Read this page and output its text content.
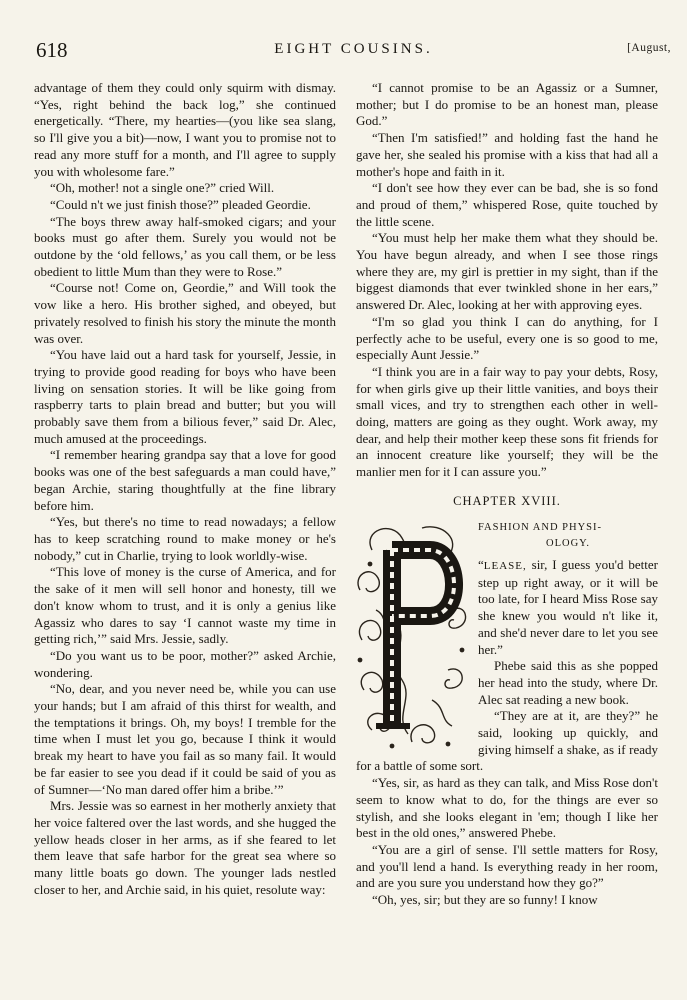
618	EIGHT COUSINS.	[August,

advantage of them they could only squirm with dismay. “Yes, right behind the back log,” she continued energetically. “There, my hearties—(you like sea slang, so I'll give you a bit)—now, I want you to promise not to read any more stuff for a month, and I'll agree to supply you with wholesome fare.”

“Oh, mother! not a single one?” cried Will.

“Could n't we just finish those?” pleaded Geordie.

“The boys threw away half-smoked cigars; and your books must go after them. Surely you would not be outdone by the ‘old fellows,’ as you call them, or be less obedient to little Mum than they were to Rose.”

“Course not! Come on, Geordie,” and Will took the vow like a hero. His brother sighed, and obeyed, but privately resolved to finish his story the minute the month was over.

“You have laid out a hard task for yourself, Jessie, in trying to provide good reading for boys who have been living on sensation stories. It will be like going from raspberry tarts to plain bread and butter; but you will probably save them from a bilious fever,” said Dr. Alec, much amused at the proceedings.

“I remember hearing grandpa say that a love for good books was one of the best safeguards a man could have,” began Archie, staring thoughtfully at the fine library before him.

“Yes, but there's no time to read nowadays; a fellow has to keep scratching round to make money or he's nobody,” cut in Charlie, trying to look worldly-wise.

“This love of money is the curse of America, and for the sake of it men will sell honor and honesty, till we don't know whom to trust, and it is only a genius like Agassiz who dares to say ‘I cannot waste my time in getting rich,’” said Mrs. Jessie, sadly.

“Do you want us to be poor, mother?” asked Archie, wondering.

“No, dear, and you never need be, while you can use your hands; but I am afraid of this thirst for wealth, and the temptations it brings. Oh, my boys! I tremble for the time when I must let you go, because I think it would break my heart to have you fail as so many fail. It would be far easier to see you dead if it could be said of you as of Sumner—‘No man dared offer him a bribe.’”

Mrs. Jessie was so earnest in her motherly anxiety that her voice faltered over the last words, and she hugged the yellow heads closer in her arms, as if she feared to let them leave that safe harbor for the great sea where so many little boats go down. The younger lads nestled closer to her, and Archie said, in his quiet, resolute way:

“I cannot promise to be an Agassiz or a Sumner, mother; but I do promise to be an honest man, please God.”

“Then I'm satisfied!” and holding fast the hand he gave her, she sealed his promise with a kiss that had all a mother's hope and faith in it.

“I don't see how they ever can be bad, she is so fond and proud of them,” whispered Rose, quite touched by the little scene.

“You must help her make them what they should be. You have begun already, and when I see those rings where they are, my girl is prettier in my sight, than if the biggest diamonds that ever twinkled shone in her ears,” answered Dr. Alec, looking at her with approving eyes.

“I'm so glad you think I can do anything, for I perfectly ache to be useful, every one is so good to me, especially Aunt Jessie.”

“I think you are in a fair way to pay your debts, Rosy, for when girls give up their little vanities, and boys their small vices, and try to strengthen each other in well-doing, matters are going as they ought. Work away, my dear, and help their mother keep these sons fit friends for an innocent creature like yourself; they will be the manlier men for it I can assure you.”

CHAPTER XVIII.

FASHION AND PHYSI-

OLOGY.

“LEASE, sir, I guess you'd better step up right away, or it will be too late, for I heard Miss Rose say she knew you would n't like it, and she'd never dare to let you see her.”

Phebe said this as she popped her head into the study, where Dr. Alec sat reading a new book.

“They are at it, are they?” he said, looking up quickly, and giving himself a shake, as if ready for a battle of some sort.

“Yes, sir, as hard as they can talk, and Miss Rose don't seem to know what to do, for the things are ever so stylish, and she looks elegant in 'em; though I like her best in the old ones,” answered Phebe.

“You are a girl of sense. I'll settle matters for Rosy, and you'll lend a hand. Is everything ready in her room, and are you sure you understand how they go?”

“Oh, yes, sir; but they are so funny! I know
